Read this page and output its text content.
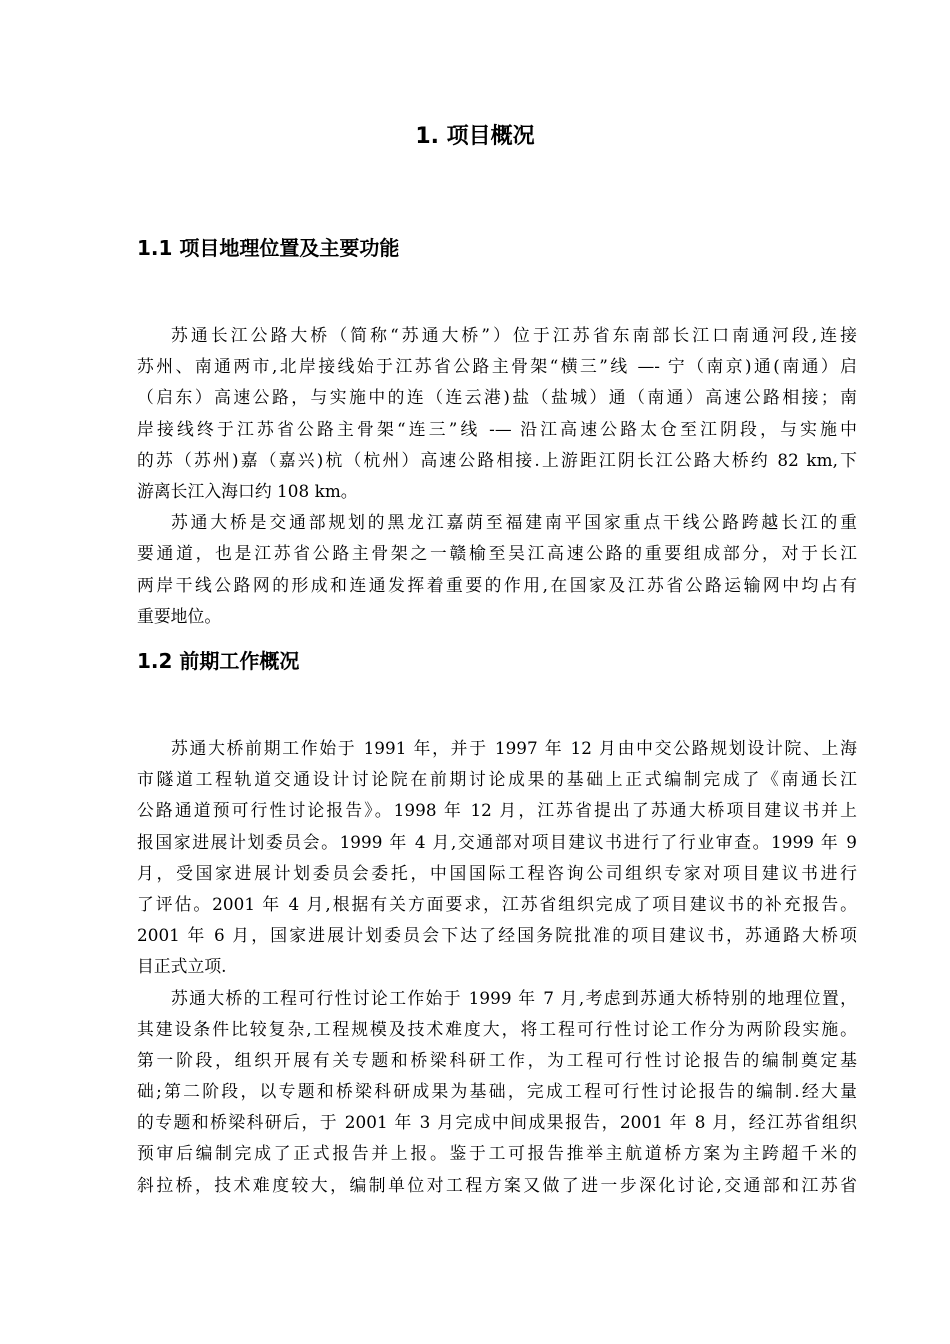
1. 项目概况
1.1 项目地理位置及主要功能
苏通长江公路大桥（简称“苏通大桥”）位于江苏省东南部长江口南通河段,连接
苏州、南通两市,北岸接线始于江苏省公路主骨架“横三”线 —- 宁（南京)通(南通）启
（启东）高速公路，与实施中的连（连云港)盐（盐城）通（南通）高速公路相接；南
岸接线终于江苏省公路主骨架“连三”线 -— 沿江高速公路太仓至江阴段，与实施中
的苏（苏州)嘉（嘉兴)杭（杭州）高速公路相接.上游距江阴长江公路大桥约 82 km,下
游离长江入海口约 108 km。
苏通大桥是交通部规划的黑龙江嘉荫至福建南平国家重点干线公路跨越长江的重
要通道，也是江苏省公路主骨架之一赣榆至吴江高速公路的重要组成部分，对于长江
两岸干线公路网的形成和连通发挥着重要的作用,在国家及江苏省公路运输网中均占有
重要地位。
1.2 前期工作概况
苏通大桥前期工作始于 1991 年，并于 1997 年 12 月由中交公路规划设计院、上海
市隧道工程轨道交通设计讨论院在前期讨论成果的基础上正式编制完成了《南通长江
公路通道预可行性讨论报告》。1998 年 12 月，江苏省提出了苏通大桥项目建议书并上
报国家进展计划委员会。1999 年 4 月,交通部对项目建议书进行了行业审查。1999 年 9
月，受国家进展计划委员会委托，中国国际工程咨询公司组织专家对项目建议书进行
了评估。2001 年 4 月,根据有关方面要求，江苏省组织完成了项目建议书的补充报告。
2001 年 6 月，国家进展计划委员会下达了经国务院批准的项目建议书，苏通路大桥项
目正式立项.
苏通大桥的工程可行性讨论工作始于 1999 年 7 月,考虑到苏通大桥特别的地理位置，
其建设条件比较复杂,工程规模及技术难度大，将工程可行性讨论工作分为两阶段实施。
第一阶段，组织开展有关专题和桥梁科研工作，为工程可行性讨论报告的编制奠定基
础;第二阶段，以专题和桥梁科研成果为基础，完成工程可行性讨论报告的编制.经大量
的专题和桥梁科研后，于 2001 年 3 月完成中间成果报告，2001 年 8 月，经江苏省组织
预审后编制完成了正式报告并上报。鉴于工可报告推举主航道桥方案为主跨超千米的
斜拉桥，技术难度较大，编制单位对工程方案又做了进一步深化讨论,交通部和江苏省
